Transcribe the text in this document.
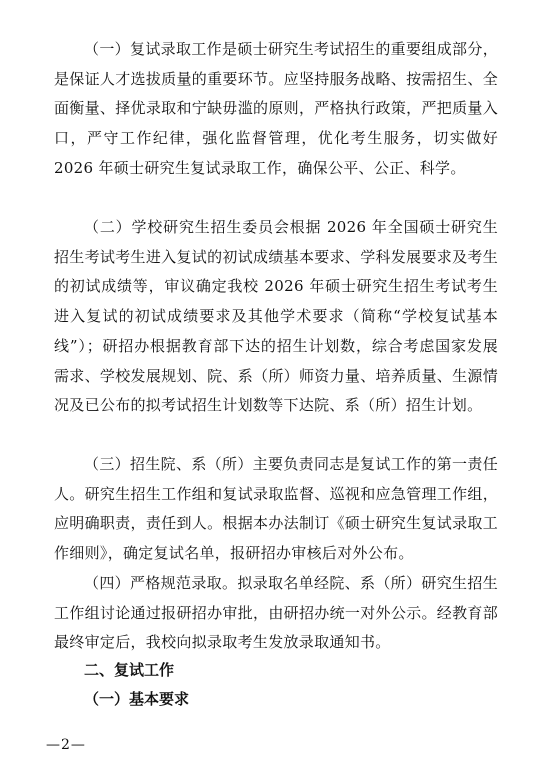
（一）复试录取工作是硕士研究生考试招生的重要组成部分，是保证人才选拔质量的重要环节。应坚持服务战略、按需招生、全面衡量、择优录取和宁缺毋滥的原则，严格执行政策，严把质量入口，严守工作纪律，强化监督管理，优化考生服务，切实做好 2026 年硕士研究生复试录取工作，确保公平、公正、科学。

（二）学校研究生招生委员会根据 2026 年全国硕士研究生招生考试考生进入复试的初试成绩基本要求、学科发展要求及考生的初试成绩等，审议确定我校 2026 年硕士研究生招生考试考生进入复试的初试成绩要求及其他学术要求（简称“学校复试基本线”）；研招办根据教育部下达的招生计划数，综合考虑国家发展需求、学校发展规划、院、系（所）师资力量、培养质量、生源情况及已公布的拟考试招生计划数等下达院、系（所）招生计划。

（三）招生院、系（所）主要负责同志是复试工作的第一责任人。研究生招生工作组和复试录取监督、巡视和应急管理工作组，应明确职责，责任到人。根据本办法制订《硕士研究生复试录取工作细则》，确定复试名单，报研招办审核后对外公布。

（四）严格规范录取。拟录取名单经院、系（所）研究生招生工作组讨论通过报研招办审批，由研招办统一对外公示。经教育部最终审定后，我校向拟录取考生发放录取通知书。

二、复试工作

（一）基本要求

—2—
